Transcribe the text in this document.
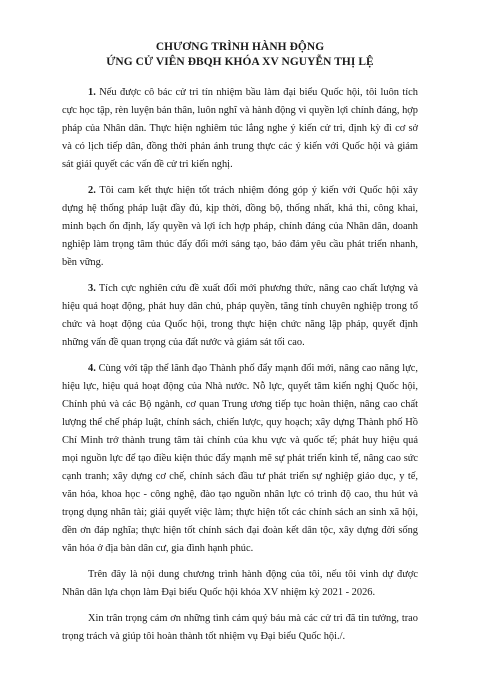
CHƯƠNG TRÌNH HÀNH ĐỘNG
ỨNG CỬ VIÊN ĐBQH KHÓA XV NGUYỄN THỊ LỆ

1. Nếu được cô bác cử tri tín nhiệm bầu làm đại biểu Quốc hội, tôi luôn tích cực học tập, rèn luyện bản thân, luôn nghĩ và hành động vì quyền lợi chính đáng, hợp pháp của Nhân dân. Thực hiện nghiêm túc lắng nghe ý kiến cử tri, định kỳ đi cơ sở và có lịch tiếp dân, đồng thời phản ánh trung thực các ý kiến với Quốc hội và giám sát giải quyết các vấn đề cử tri kiến nghị.

2. Tôi cam kết thực hiện tốt trách nhiệm đóng góp ý kiến với Quốc hội xây dựng hệ thống pháp luật đầy đủ, kịp thời, đồng bộ, thống nhất, khả thi, công khai, minh bạch ổn định, lấy quyền và lợi ích hợp pháp, chính đáng của Nhân dân, doanh nghiệp làm trọng tâm thúc đẩy đổi mới sáng tạo, bảo đảm yêu cầu phát triển nhanh, bền vững.

3. Tích cực nghiên cứu đề xuất đổi mới phương thức, nâng cao chất lượng và hiệu quả hoạt động, phát huy dân chủ, pháp quyền, tăng tính chuyên nghiệp trong tổ chức và hoạt động của Quốc hội, trong thực hiện chức năng lập pháp, quyết định những vấn đề quan trọng của đất nước và giám sát tối cao.

4. Cùng với tập thể lãnh đạo Thành phố đẩy mạnh đổi mới, nâng cao năng lực, hiệu lực, hiệu quả hoạt động của Nhà nước. Nỗ lực, quyết tâm kiến nghị Quốc hội, Chính phủ và các Bộ ngành, cơ quan Trung ương tiếp tục hoàn thiện, nâng cao chất lượng thể chế pháp luật, chính sách, chiến lược, quy hoạch; xây dựng Thành phố Hồ Chí Minh trở thành trung tâm tài chính của khu vực và quốc tế; phát huy hiệu quả mọi nguồn lực để tạo điều kiện thúc đẩy mạnh mẽ sự phát triển kinh tế, nâng cao sức cạnh tranh; xây dựng cơ chế, chính sách đầu tư phát triển sự nghiệp giáo dục, y tế, văn hóa, khoa học - công nghệ, đào tạo nguồn nhân lực có trình độ cao, thu hút và trọng dụng nhân tài; giải quyết việc làm; thực hiện tốt các chính sách an sinh xã hội, đền ơn đáp nghĩa; thực hiện tốt chính sách đại đoàn kết dân tộc, xây dựng đời sống văn hóa ở địa bàn dân cư, gia đình hạnh phúc.

Trên đây là nội dung chương trình hành động của tôi, nếu tôi vinh dự được Nhân dân lựa chọn làm Đại biểu Quốc hội khóa XV nhiệm kỳ 2021 - 2026.

Xin trân trọng cám ơn những tình cảm quý báu mà các cử tri đã tin tưởng, trao trọng trách và giúp tôi hoàn thành tốt nhiệm vụ Đại biểu Quốc hội./.
